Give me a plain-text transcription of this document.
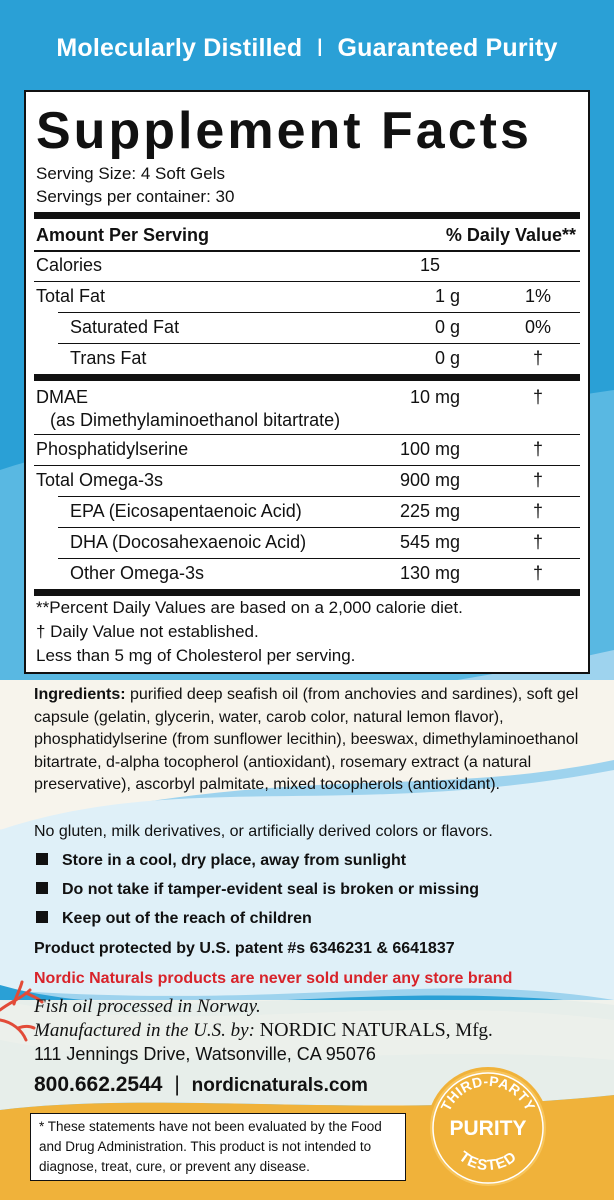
Molecularly Distilled I Guaranteed Purity
Supplement Facts
Serving Size: 4 Soft Gels
Servings per container: 30
Amount Per Serving	% Daily Value**
Calories	15
Total Fat	1 g	1%
Saturated Fat	0 g	0%
Trans Fat	0 g	†
DMAE	10 mg	†
(as Dimethylaminoethanol bitartrate)
Phosphatidylserine	100 mg	†
Total Omega-3s	900 mg	†
EPA (Eicosapentaenoic Acid)	225 mg	†
DHA (Docosahexaenoic Acid)	545 mg	†
Other Omega-3s	130 mg	†
**Percent Daily Values are based on a 2,000 calorie diet.
† Daily Value not established.
Less than 5 mg of Cholesterol per serving.
Ingredients: purified deep seafish oil (from anchovies and sardines), soft gel capsule (gelatin, glycerin, water, carob color, natural lemon flavor), phosphatidylserine (from sunflower lecithin), beeswax, dimethylaminoethanol bitartrate, d-alpha tocopherol (antioxidant), rosemary extract (a natural preservative), ascorbyl palmitate, mixed tocopherols (antioxidant).
No gluten, milk derivatives, or artificially derived colors or flavors.
Store in a cool, dry place, away from sunlight
Do not take if tamper-evident seal is broken or missing
Keep out of the reach of children
Product protected by U.S. patent #s 6346231 & 6641837
Nordic Naturals products are never sold under any store brand
Fish oil processed in Norway.
Manufactured in the U.S. by: NORDIC NATURALS, Mfg.
111 Jennings Drive, Watsonville, CA 95076
800.662.2544 | nordicnaturals.com
* These statements have not been evaluated by the Food and Drug Administration. This product is not intended to diagnose, treat, cure, or prevent any disease.
THIRD-PARTY
PURITY
TESTED
